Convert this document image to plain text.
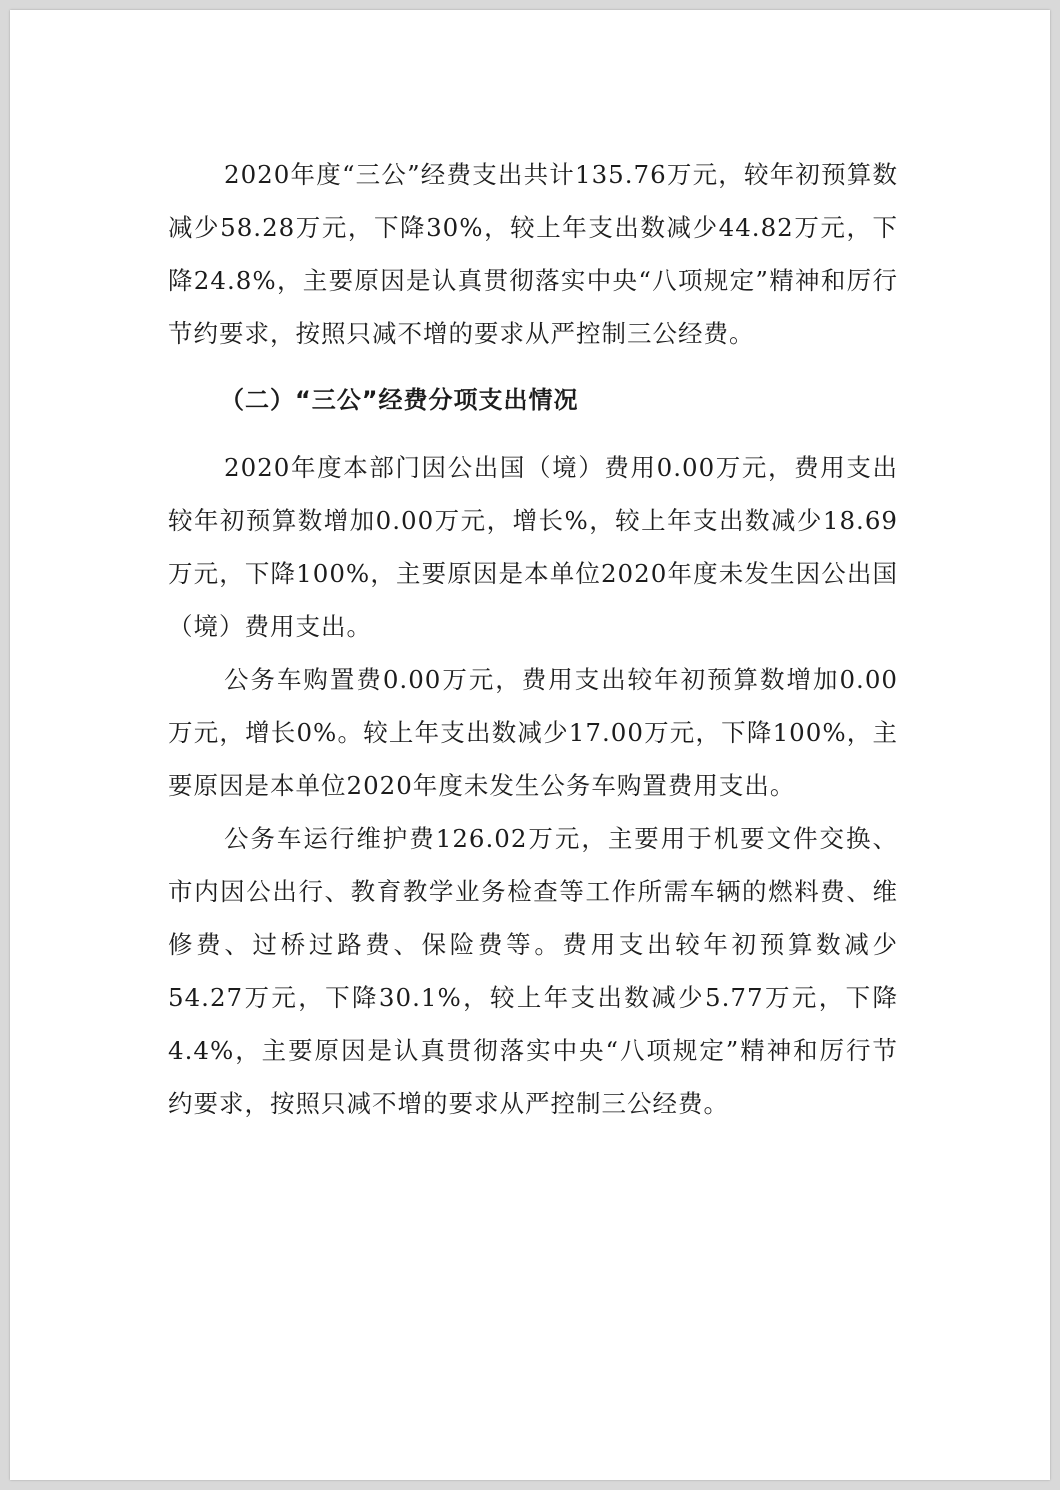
2020年度“三公”经费支出共计135.76万元，较年初预算数减少58.28万元，下降30%，较上年支出数减少44.82万元，下降24.8%，主要原因是认真贯彻落实中央“八项规定”精神和厉行节约要求，按照只减不增的要求从严控制三公经费。

（二）“三公”经费分项支出情况

2020年度本部门因公出国（境）费用0.00万元，费用支出较年初预算数增加0.00万元，增长%，较上年支出数减少18.69万元，下降100%，主要原因是本单位2020年度未发生因公出国（境）费用支出。

公务车购置费0.00万元，费用支出较年初预算数增加0.00万元，增长0%。较上年支出数减少17.00万元，下降100%，主要原因是本单位2020年度未发生公务车购置费用支出。

公务车运行维护费126.02万元，主要用于机要文件交换、市内因公出行、教育教学业务检查等工作所需车辆的燃料费、维修费、过桥过路费、保险费等。费用支出较年初预算数减少54.27万元，下降30.1%，较上年支出数减少5.77万元，下降4.4%，主要原因是认真贯彻落实中央“八项规定”精神和厉行节约要求，按照只减不增的要求从严控制三公经费。
